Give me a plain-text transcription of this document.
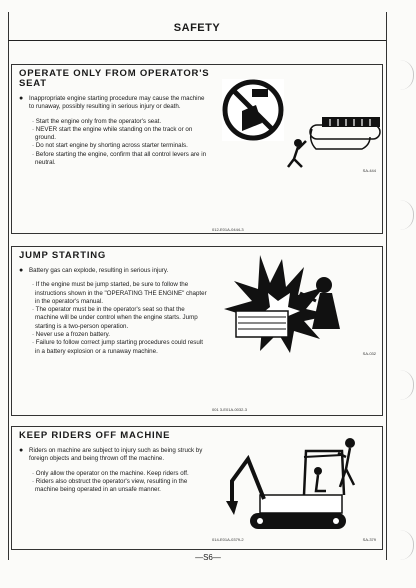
SAFETY
OPERATE ONLY FROM OPERATOR'S SEAT
● Inappropriate engine starting procedure may cause the machine to runaway, possibly resulting in serious injury or death.
· Start the engine only from the operator's seat.
· NEVER start the engine while standing on the track or on ground.
· Do not start engine by shorting across starter terminals.
· Before starting the engine, confirm that all control levers are in neutral.
SA-444
012-E01A-0444-3
JUMP STARTING
● Battery gas can explode, resulting in serious injury.
· If the engine must be jump started, be sure to follow the instructions shown in the "OPERATING THE ENGINE" chapter in the operator's manual.
· The operator must be in the operator's seat so that the machine will be under control when the engine starts. Jump starting is a two-person operation.
· Never use a frozen battery.
· Failure to follow correct jump starting procedures could result in a battery explosion or a runaway machine.	SA-032
001 3-E01A-0032-3
KEEP RIDERS OFF MACHINE
● Riders on machine are subject to injury such as being struck by foreign objects and being thrown off the machine.
· Only allow the operator on the machine. Keep riders off.
· Riders also obstruct the operator's view, resulting in the machine being operated in an unsafe manner.
014-E01A-0379-2	SA-379
—S6—
